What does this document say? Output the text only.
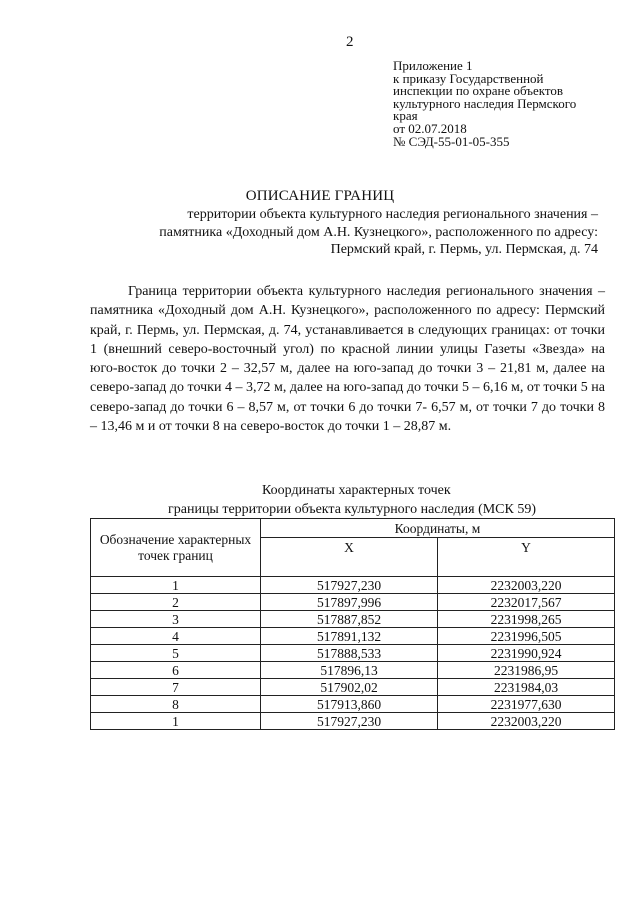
2
Приложение 1
к приказу Государственной
инспекции по охране объектов
культурного наследия Пермского
края
от 02.07.2018
№ СЭД-55-01-05-355
ОПИСАНИЕ ГРАНИЦ
территории объекта культурного наследия регионального значения –
памятника «Доходный дом А.Н. Кузнецкого», расположенного по адресу:
Пермский край, г. Пермь, ул. Пермская, д. 74
Граница территории объекта культурного наследия регионального значения – памятника «Доходный дом А.Н. Кузнецкого», расположенного по адресу: Пермский край, г. Пермь, ул. Пермская, д. 74, устанавливается в следующих границах: от точки 1 (внешний северо-восточный угол) по красной линии улицы Газеты «Звезда» на юго-восток до точки 2 – 32,57 м, далее на юго-запад до точки 3 – 21,81 м, далее на северо-запад до точки 4 – 3,72 м, далее на юго-запад до точки 5 – 6,16 м, от точки 5 на северо-запад до точки 6 – 8,57 м, от точки 6 до точки 7- 6,57 м, от точки 7 до точки 8 – 13,46 м и от точки 8 на северо-восток до точки 1 – 28,87 м.
Координаты характерных точек
границы территории объекта культурного наследия (МСК 59)
Обозначение характерных точек границ	Координаты, м	
	X	Y
1	517927,230	2232003,220
2	517897,996	2232017,567
3	517887,852	2231998,265
4	517891,132	2231996,505
5	517888,533	2231990,924
6	517896,13	2231986,95
7	517902,02	2231984,03
8	517913,860	2231977,630
1	517927,230	2232003,220
